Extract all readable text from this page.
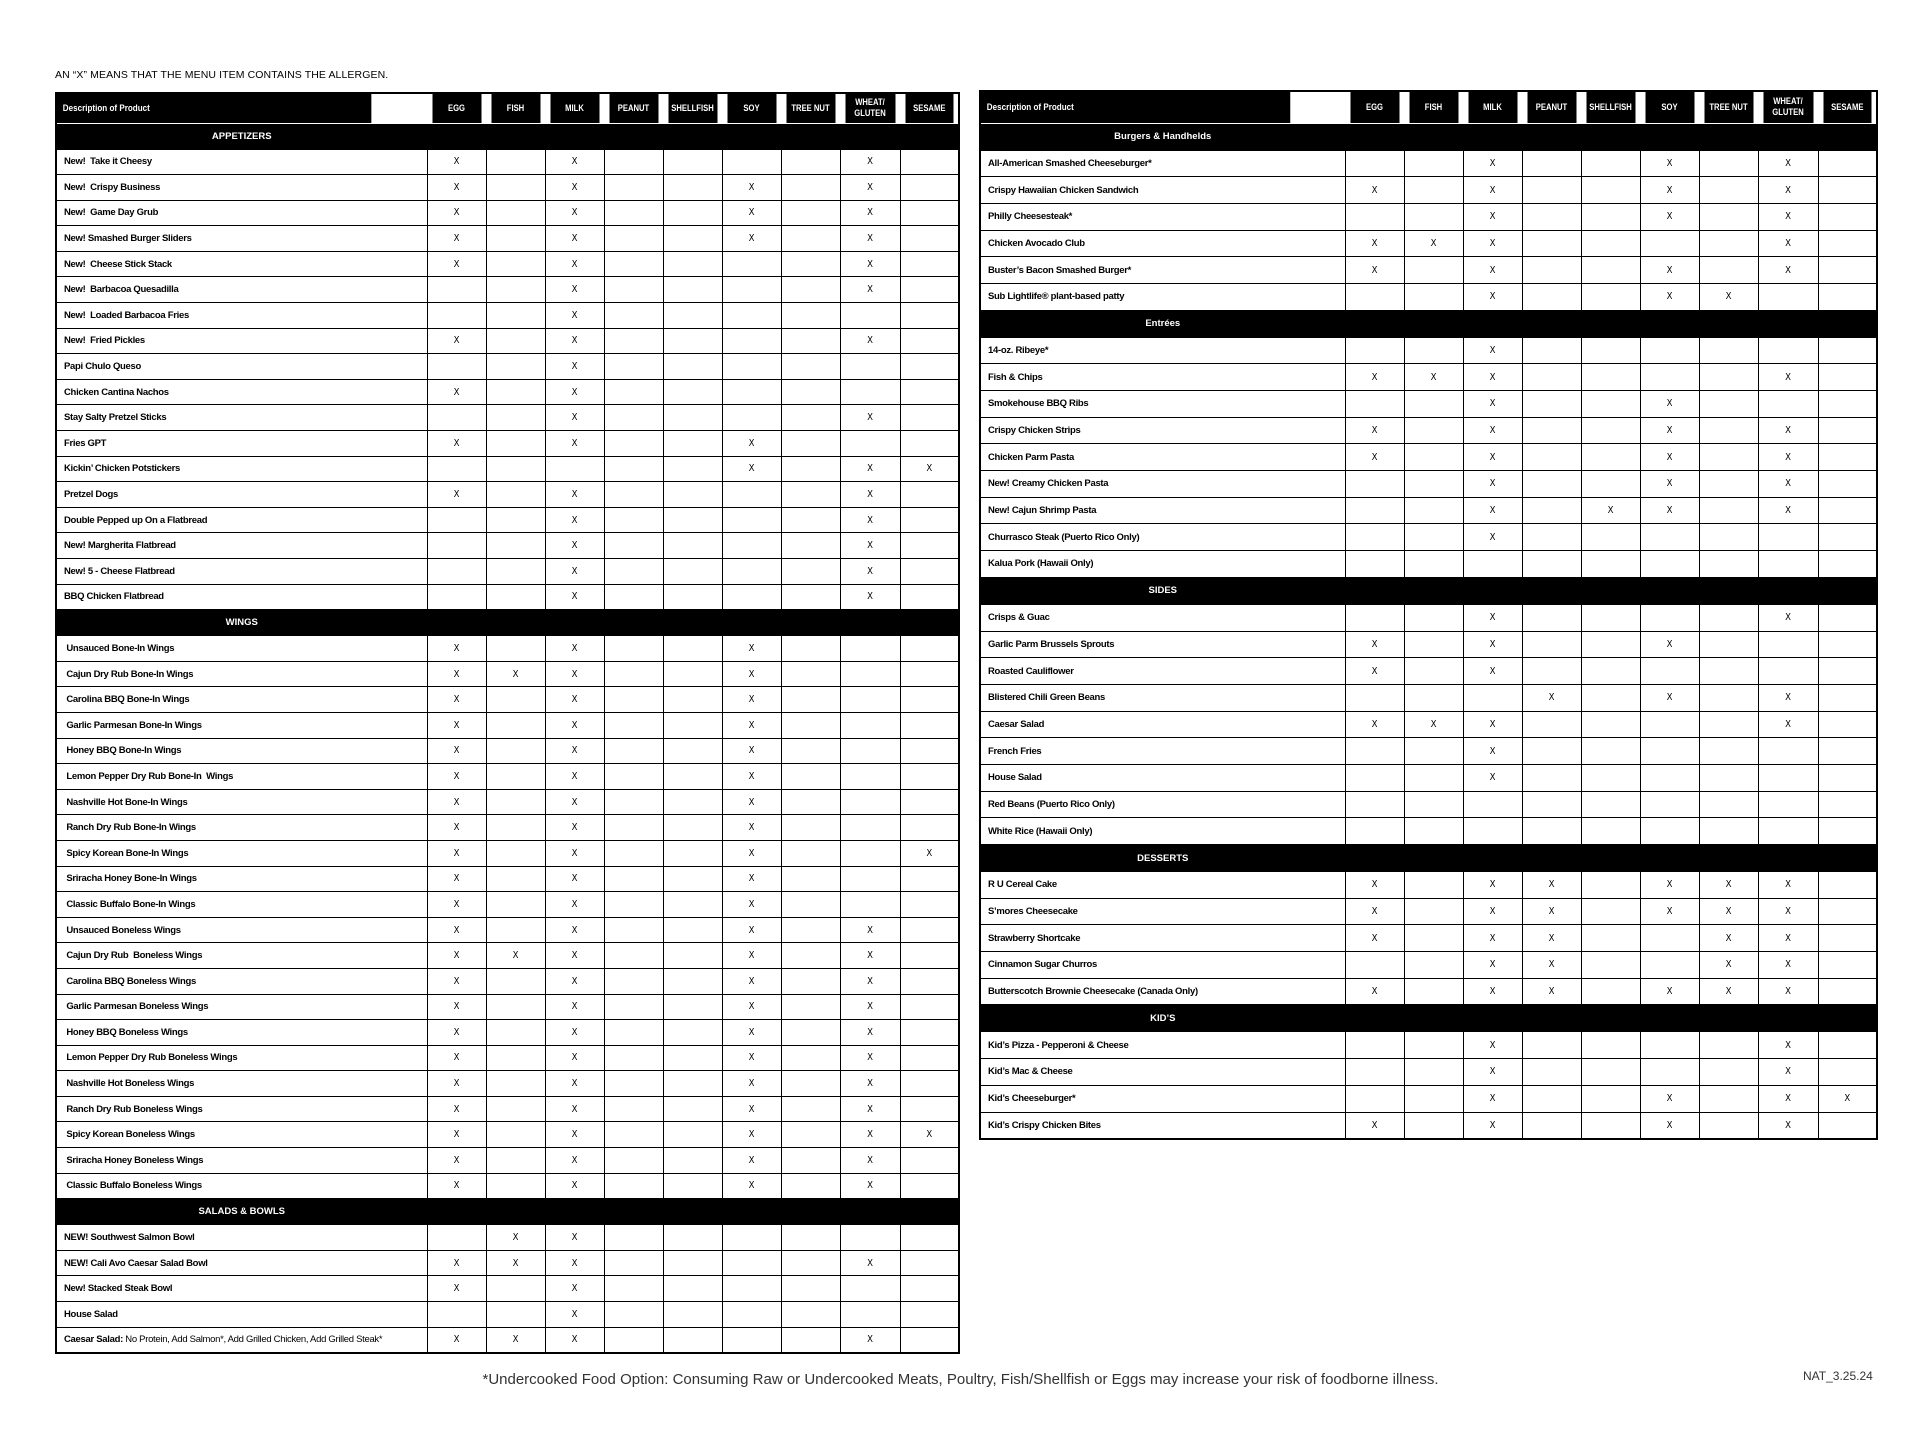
AN “X” MEANS THAT THE MENU ITEM CONTAINS THE ALLERGEN.
Description of Product	EGG	FISH	MILK	PEANUT	SHELLFISH	SOY	TREE NUT	WHEAT/
GLUTEN	SESAME
APPETIZERS									
New!  Take it Cheesy	X		X					X	
New!  Crispy Business	X		X			X		X	
New!  Game Day Grub	X		X			X		X	
New! Smashed Burger Sliders	X		X			X		X	
New!  Cheese Stick Stack	X		X					X	
New!  Barbacoa Quesadilla			X					X	
New!  Loaded Barbacoa Fries			X						
New!  Fried Pickles	X		X					X	
Papi Chulo Queso			X						
Chicken Cantina Nachos	X		X						
Stay Salty Pretzel Sticks			X					X	
Fries GPT	X		X			X			
Kickin’ Chicken Potstickers						X		X	X
Pretzel Dogs	X		X					X	
Double Pepped up On a Flatbread			X					X	
New! Margherita Flatbread			X					X	
New! 5 - Cheese Flatbread			X					X	
BBQ Chicken Flatbread			X					X	
WINGS									
Unsauced Bone-In Wings	X		X			X			
Cajun Dry Rub Bone-In Wings	X	X	X			X			
Carolina BBQ Bone-In Wings	X		X			X			
Garlic Parmesan Bone-In Wings	X		X			X			
Honey BBQ Bone-In Wings	X		X			X			
Lemon Pepper Dry Rub Bone-In  Wings	X		X			X			
Nashville Hot Bone-In Wings	X		X			X			
Ranch Dry Rub Bone-In Wings	X		X			X			
Spicy Korean Bone-In Wings	X		X			X			X
Sriracha Honey Bone-In Wings	X		X			X			
Classic Buffalo Bone-In Wings	X		X			X			
Unsauced Boneless Wings	X		X			X		X	
Cajun Dry Rub  Boneless Wings	X	X	X			X		X	
Carolina BBQ Boneless Wings	X		X			X		X	
Garlic Parmesan Boneless Wings	X		X			X		X	
Honey BBQ Boneless Wings	X		X			X		X	
Lemon Pepper Dry Rub Boneless Wings	X		X			X		X	
Nashville Hot Boneless Wings	X		X			X		X	
Ranch Dry Rub Boneless Wings	X		X			X		X	
Spicy Korean Boneless Wings	X		X			X		X	X
Sriracha Honey Boneless Wings	X		X			X		X	
Classic Buffalo Boneless Wings	X		X			X		X	
SALADS & BOWLS									
NEW! Southwest Salmon Bowl		X	X						
NEW! Cali Avo Caesar Salad Bowl	X	X	X					X	
New! Stacked Steak Bowl	X		X						
House Salad			X						
Caesar Salad: No Protein, Add Salmon*, Add Grilled Chicken, Add Grilled Steak*	X	X	X					X	
Description of Product	EGG	FISH	MILK	PEANUT	SHELLFISH	SOY	TREE NUT	WHEAT/
GLUTEN	SESAME
Burgers & Handhelds									
All-American Smashed Cheeseburger*			X			X		X	
Crispy Hawaiian Chicken Sandwich	X		X			X		X	
Philly Cheesesteak*			X			X		X	
Chicken Avocado Club	X	X	X					X	
Buster’s Bacon Smashed Burger*	X		X			X		X	
Sub Lightlife® plant-based patty			X			X	X		
Entrées									
14-oz. Ribeye*			X						
Fish & Chips	X	X	X					X	
Smokehouse BBQ Ribs			X			X			
Crispy Chicken Strips	X		X			X		X	
Chicken Parm Pasta	X		X			X		X	
New! Creamy Chicken Pasta			X			X		X	
New! Cajun Shrimp Pasta			X		X	X		X	
Churrasco Steak (Puerto Rico Only)			X						
Kalua Pork (Hawaii Only)									
SIDES									
Crisps & Guac			X					X	
Garlic Parm Brussels Sprouts	X		X			X			
Roasted Cauliflower	X		X						
Blistered Chili Green Beans				X		X		X	
Caesar Salad	X	X	X					X	
French Fries			X						
House Salad			X						
Red Beans (Puerto Rico Only)									
White Rice (Hawaii Only)									
DESSERTS									
R U Cereal Cake	X		X	X		X	X	X	
S’mores Cheesecake	X		X	X		X	X	X	
Strawberry Shortcake	X		X	X			X	X	
Cinnamon Sugar Churros			X	X			X	X	
Butterscotch Brownie Cheesecake (Canada Only)	X		X	X		X	X	X	
KID’S									
Kid’s Pizza - Pepperoni & Cheese			X					X	
Kid’s Mac & Cheese			X					X	
Kid’s Cheeseburger*			X			X		X	X
Kid’s Crispy Chicken Bites	X		X			X		X	
*Undercooked Food Option: Consuming Raw or Undercooked Meats, Poultry, Fish/Shellfish or Eggs may increase your risk of foodborne illness.	NAT_3.25.24
